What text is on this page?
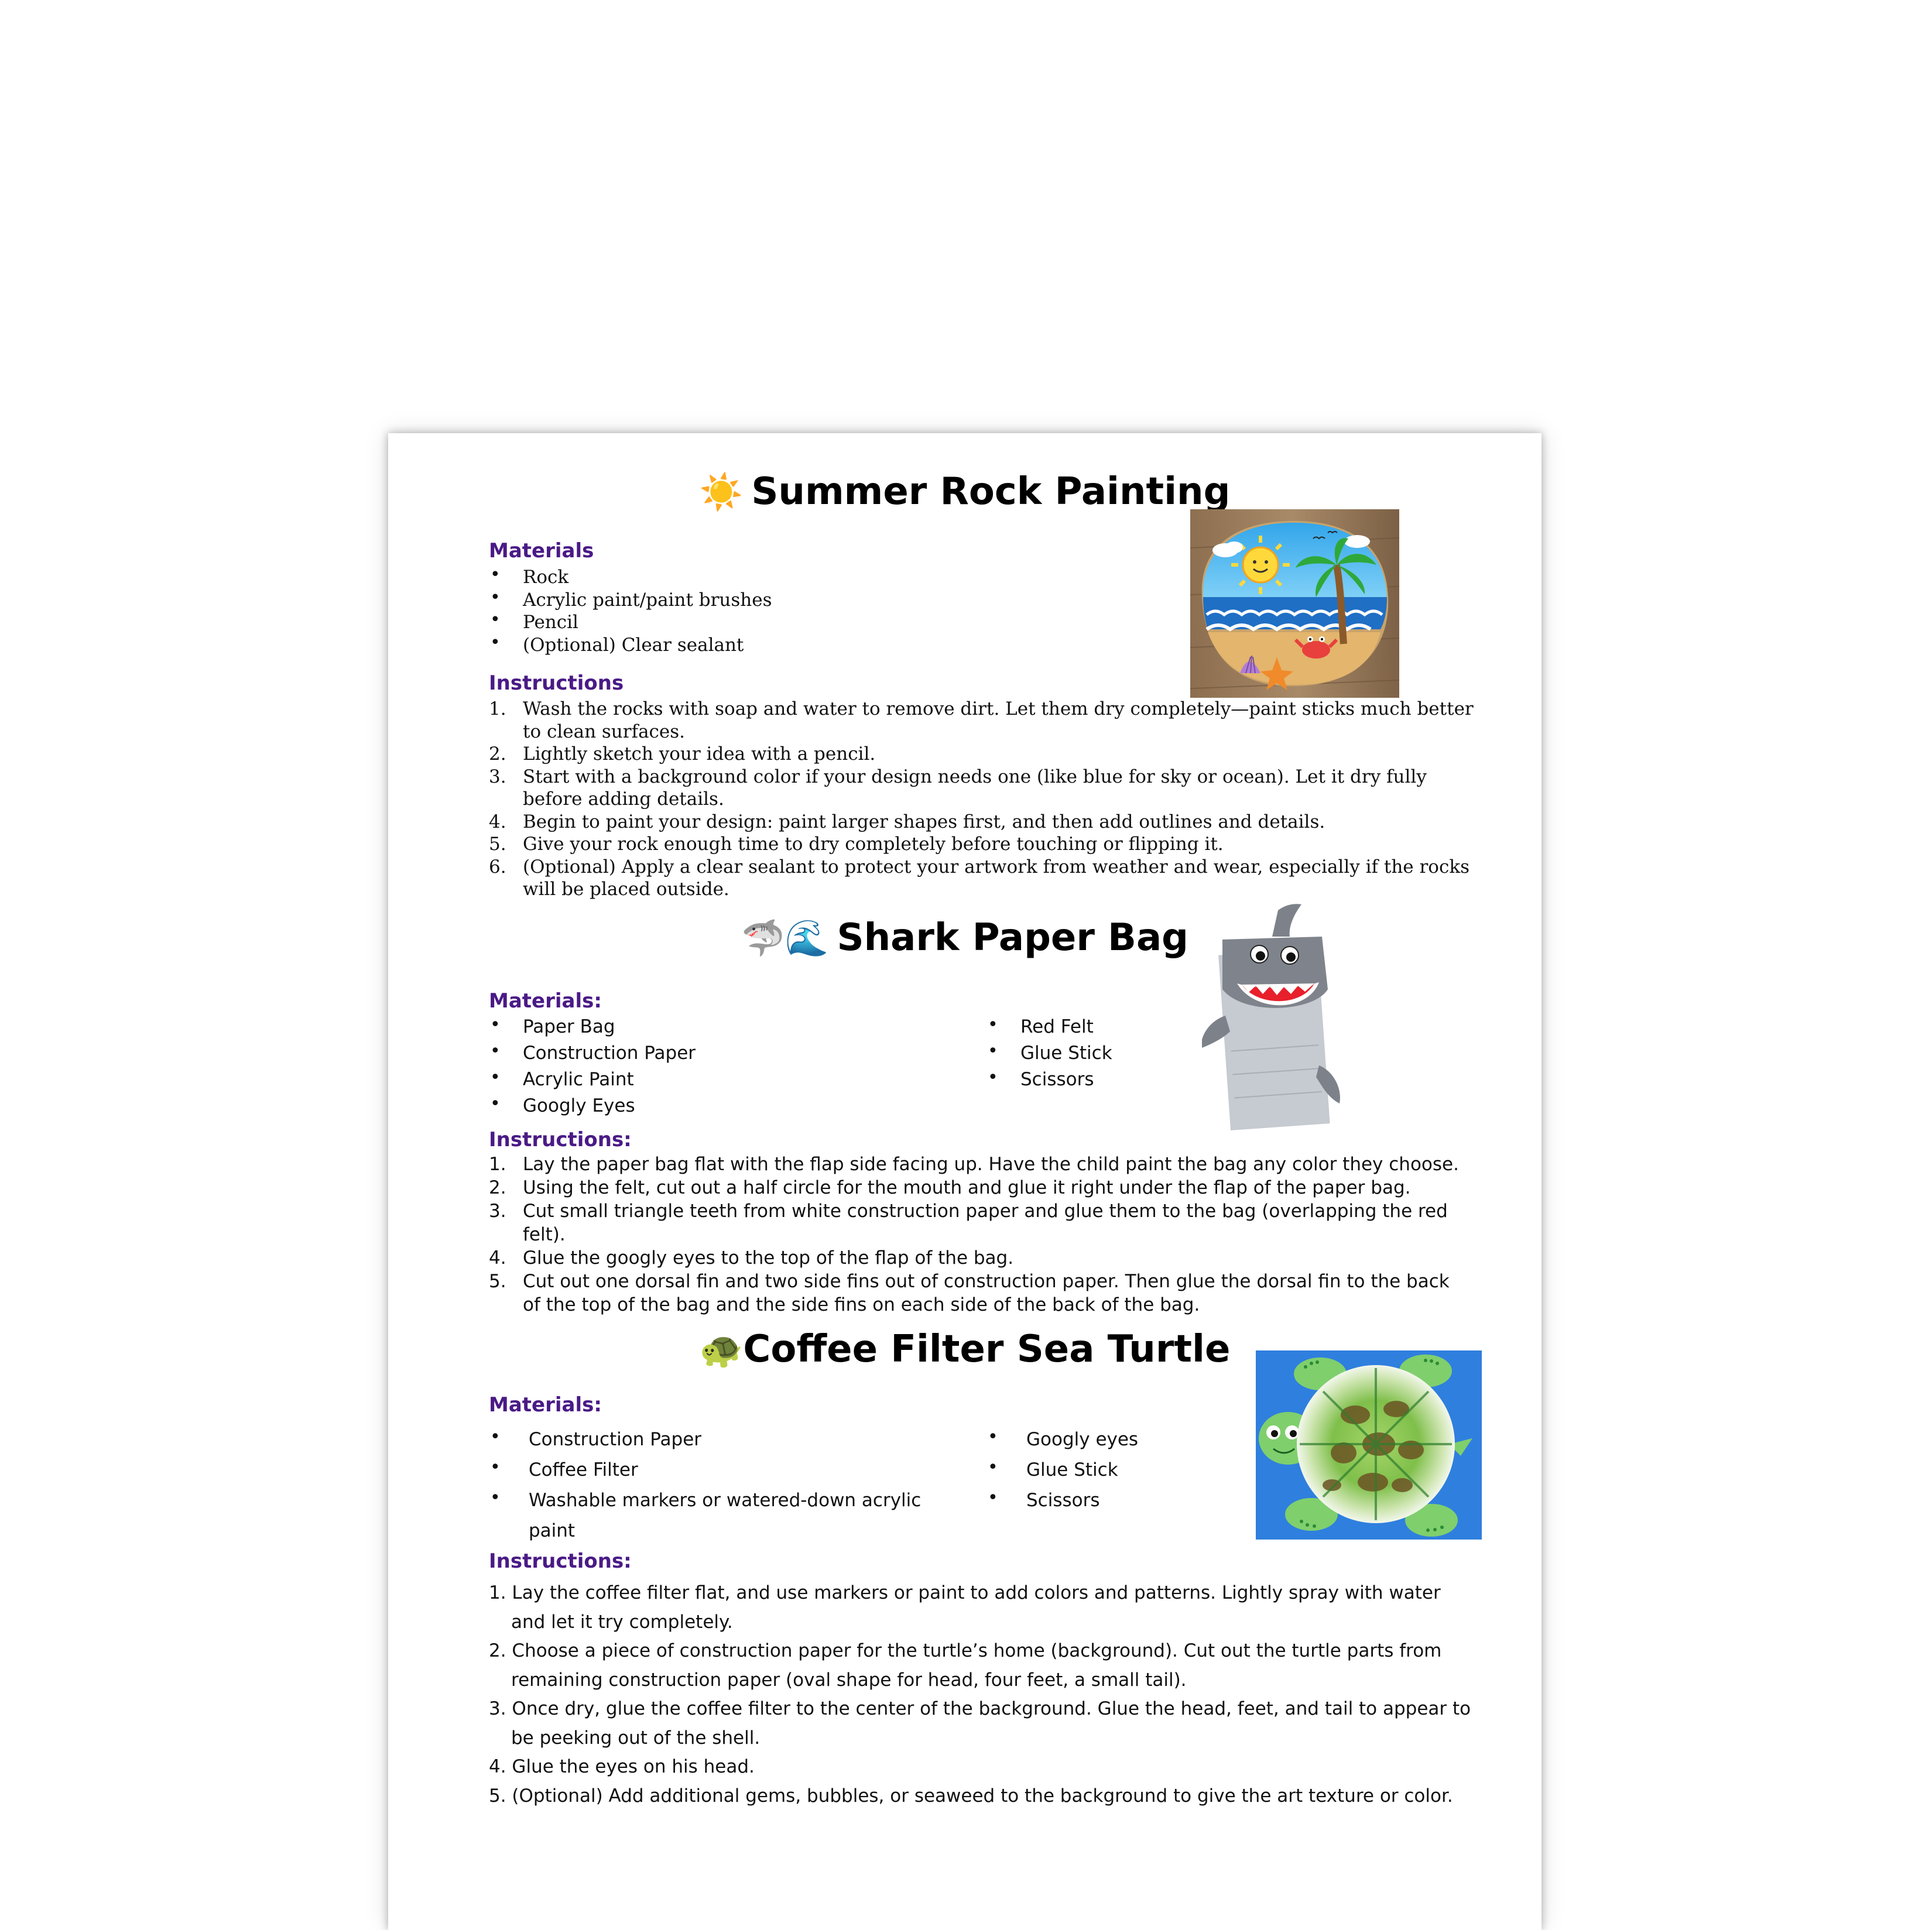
☀️ Summer Rock Painting
Materials
• Rock
• Acrylic paint/paint brushes
• Pencil
• (Optional) Clear sealant
Instructions
1. Wash the rocks with soap and water to remove dirt. Let them dry completely—paint sticks much better
to clean surfaces.
2. Lightly sketch your idea with a pencil.
3. Start with a background color if your design needs one (like blue for sky or ocean). Let it dry fully
before adding details.
4. Begin to paint your design: paint larger shapes first, and then add outlines and details.
5. Give your rock enough time to dry completely before touching or flipping it.
6. (Optional) Apply a clear sealant to protect your artwork from weather and wear, especially if the rocks
will be placed outside.
🦈🌊 Shark Paper Bag
Materials:
• Paper Bag
• Construction Paper
• Acrylic Paint
• Googly Eyes
• Red Felt
• Glue Stick
• Scissors
Instructions:
1. Lay the paper bag flat with the flap side facing up. Have the child paint the bag any color they choose.
2. Using the felt, cut out a half circle for the mouth and glue it right under the flap of the paper bag.
3. Cut small triangle teeth from white construction paper and glue them to the bag (overlapping the red
felt).
4. Glue the googly eyes to the top of the flap of the bag.
5. Cut out one dorsal fin and two side fins out of construction paper. Then glue the dorsal fin to the back
of the top of the bag and the side fins on each side of the back of the bag.
🐢Coffee Filter Sea Turtle
Materials:
• Construction Paper
• Coffee Filter
• Washable markers or watered-down acrylic
paint
• Googly eyes
• Glue Stick
• Scissors
Instructions:
1. Lay the coffee filter flat, and use markers or paint to add colors and patterns. Lightly spray with water
and let it try completely.
2. Choose a piece of construction paper for the turtle’s home (background). Cut out the turtle parts from
remaining construction paper (oval shape for head, four feet, a small tail).
3. Once dry, glue the coffee filter to the center of the background. Glue the head, feet, and tail to appear to
be peeking out of the shell.
4. Glue the eyes on his head.
5. (Optional) Add additional gems, bubbles, or seaweed to the background to give the art texture or color.
